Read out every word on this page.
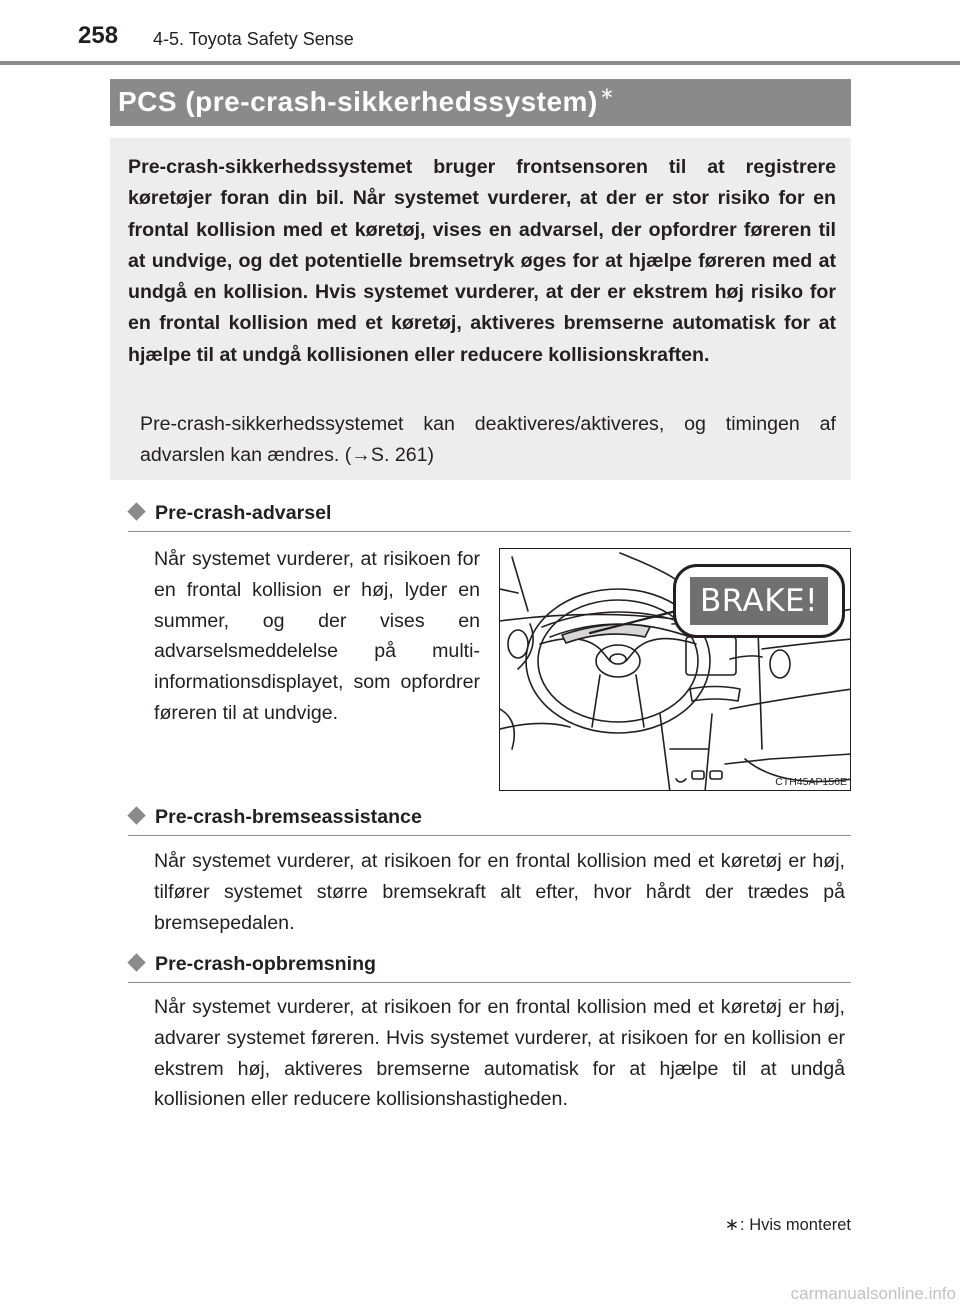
258 4-5. Toyota Safety Sense
PCS (pre-crash-sikkerhedssystem) ∗
Pre-crash-sikkerhedssystemet bruger frontsensoren til at registrere køretøjer foran din bil. Når systemet vurderer, at der er stor risiko for en frontal kollision med et køretøj, vises en advarsel, der opfordrer føreren til at undvige, og det potentielle bremsetryk øges for at hjælpe føreren med at undgå en kollision. Hvis systemet vurderer, at der er ekstrem høj risiko for en frontal kollision med et køretøj, aktiveres bremserne automatisk for at hjælpe til at undgå kollisionen eller reducere kollisionskraften.
Pre-crash-sikkerhedssystemet kan deaktiveres/aktiveres, og timingen af advarslen kan ændres. (→S. 261)
Pre-crash-advarsel
Når systemet vurderer, at risikoen for en frontal kollision er høj, lyder en summer, og der vises en advarselsmeddelelse på multi-informationsdisplayet, som opfordrer føreren til at undvige.
BRAKE!
CTH45AP156E
Pre-crash-bremseassistance
Når systemet vurderer, at risikoen for en frontal kollision med et køretøj er høj, tilfører systemet større bremsekraft alt efter, hvor hårdt der trædes på bremsepedalen.
Pre-crash-opbremsning
Når systemet vurderer, at risikoen for en frontal kollision med et køretøj er høj, advarer systemet føreren. Hvis systemet vurderer, at risikoen for en kollision er ekstrem høj, aktiveres bremserne automatisk for at hjælpe til at undgå kollisionen eller reducere kollisionshastigheden.
∗: Hvis monteret
carmanualsonline.info
